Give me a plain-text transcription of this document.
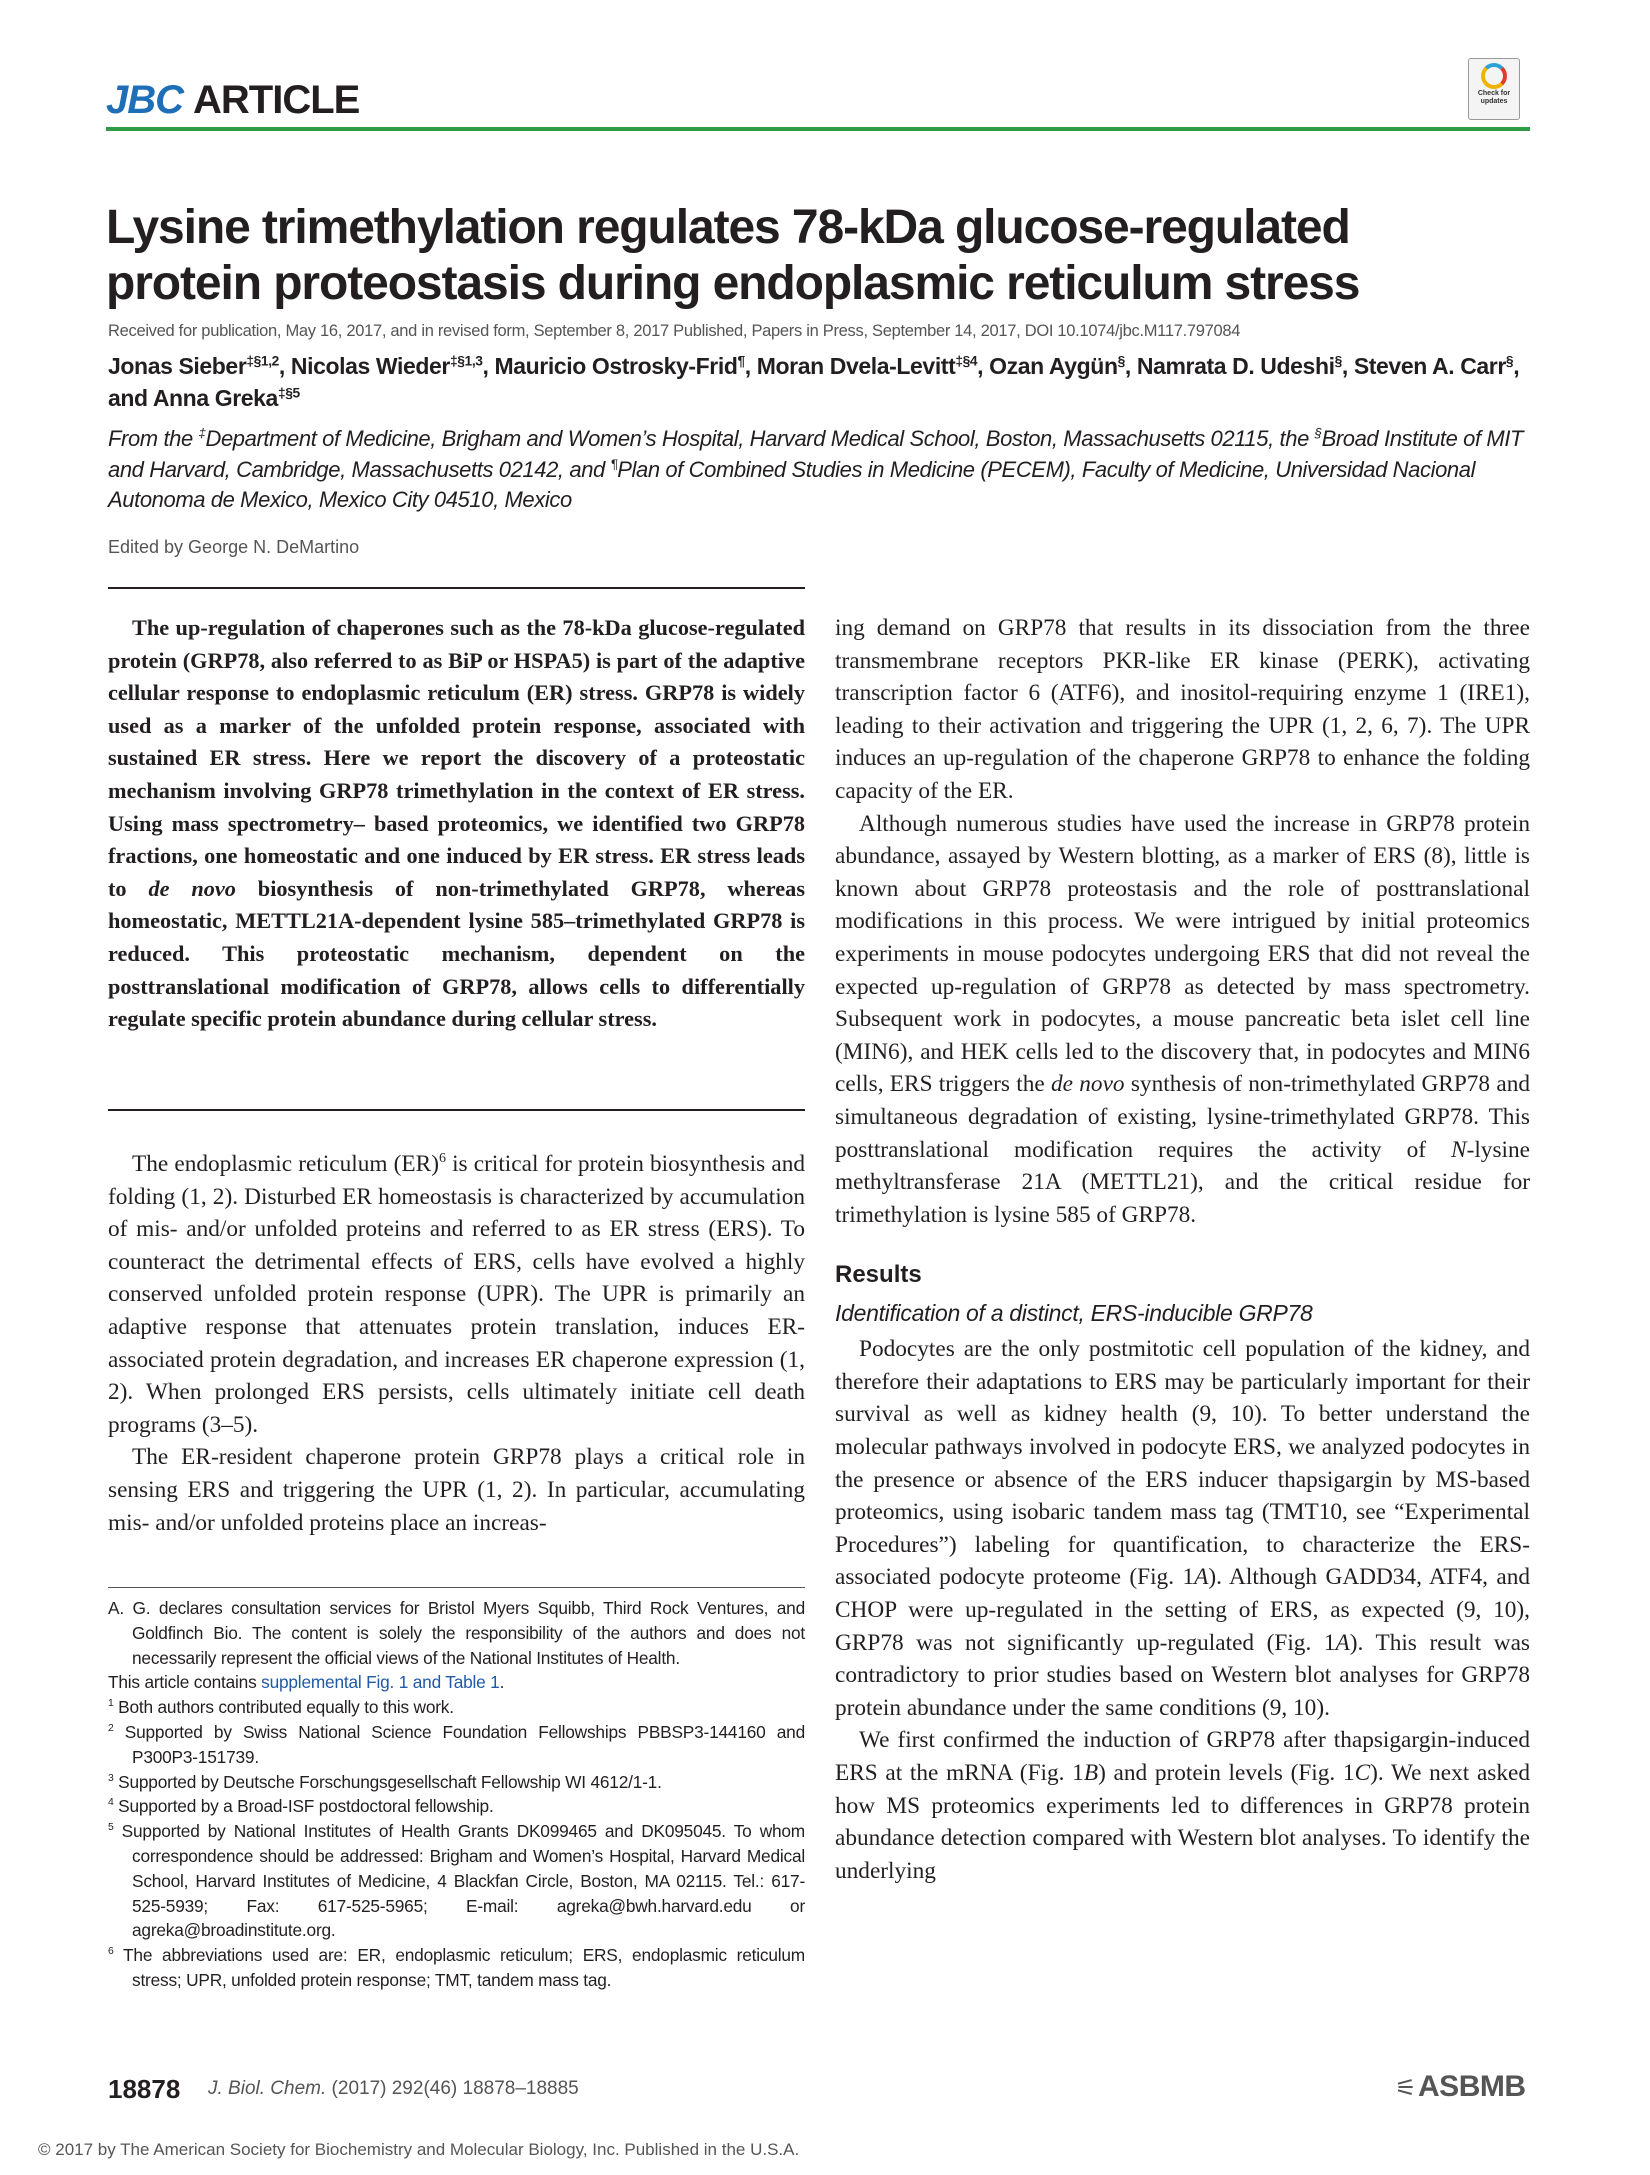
JBC ARTICLE	Check for updates
Lysine trimethylation regulates 78-kDa glucose-regulated
protein proteostasis during endoplasmic reticulum stress
Received for publication, May 16, 2017, and in revised form, September 8, 2017 Published, Papers in Press, September 14, 2017, DOI 10.1074/jbc.M117.797084
Jonas Sieber$^{\ddagger\S 1,2}$, Nicolas Wieder$^{\ddagger\S 1,3}$, Mauricio Ostrosky-Frid¶, Moran Dvela-Levitt$^{\ddagger\S 4}$, Ozan Aygün§, Namrata D. Udeshi§, Steven A. Carr§, and Anna Greka$^{\ddagger\S 5}$
From the ‡Department of Medicine, Brigham and Women’s Hospital, Harvard Medical School, Boston, Massachusetts 02115, the §Broad Institute of MIT and Harvard, Cambridge, Massachusetts 02142, and ¶Plan of Combined Studies in Medicine (PECEM), Faculty of Medicine, Universidad Nacional Autonoma de Mexico, Mexico City 04510, Mexico
Edited by George N. DeMartino

The up-regulation of chaperones such as the 78-kDa glucose-regulated protein (GRP78, also referred to as BiP or HSPA5) is part of the adaptive cellular response to endoplasmic reticulum (ER) stress. GRP78 is widely used as a marker of the unfolded protein response, associated with sustained ER stress. Here we report the discovery of a proteostatic mechanism involving GRP78 trimethylation in the context of ER stress. Using mass spectrometry– based proteomics, we identified two GRP78 fractions, one homeostatic and one induced by ER stress. ER stress leads to de novo biosynthesis of non-trimethylated GRP78, whereas homeostatic, METTL21A-dependent lysine 585–trimethylated GRP78 is reduced. This proteostatic mechanism, dependent on the posttranslational modification of GRP78, allows cells to differentially regulate specific protein abundance during cellular stress.

The endoplasmic reticulum (ER)$^6$ is critical for protein biosynthesis and folding (1, 2). Disturbed ER homeostasis is characterized by accumulation of mis- and/or unfolded proteins and referred to as ER stress (ERS). To counteract the detrimental effects of ERS, cells have evolved a highly conserved unfolded protein response (UPR). The UPR is primarily an adaptive response that attenuates protein translation, induces ER-associated protein degradation, and increases ER chaperone expression (1, 2). When prolonged ERS persists, cells ultimately initiate cell death programs (3–5).

The ER-resident chaperone protein GRP78 plays a critical role in sensing ERS and triggering the UPR (1, 2). In particular, accumulating mis- and/or unfolded proteins place an increas-

ing demand on GRP78 that results in its dissociation from the three transmembrane receptors PKR-like ER kinase (PERK), activating transcription factor 6 (ATF6), and inositol-requiring enzyme 1 (IRE1), leading to their activation and triggering the UPR (1, 2, 6, 7). The UPR induces an up-regulation of the chaperone GRP78 to enhance the folding capacity of the ER.

Although numerous studies have used the increase in GRP78 protein abundance, assayed by Western blotting, as a marker of ERS (8), little is known about GRP78 proteostasis and the role of posttranslational modifications in this process. We were intrigued by initial proteomics experiments in mouse podocytes undergoing ERS that did not reveal the expected up-regulation of GRP78 as detected by mass spectrometry. Subsequent work in podocytes, a mouse pancreatic beta islet cell line (MIN6), and HEK cells led to the discovery that, in podocytes and MIN6 cells, ERS triggers the de novo synthesis of non-trimethylated GRP78 and simultaneous degradation of existing, lysine-trimethylated GRP78. This posttranslational modification requires the activity of N-lysine methyltransferase 21A (METTL21), and the critical residue for trimethylation is lysine 585 of GRP78.

Results
Identification of a distinct, ERS-inducible GRP78

Podocytes are the only postmitotic cell population of the kidney, and therefore their adaptations to ERS may be particularly important for their survival as well as kidney health (9, 10). To better understand the molecular pathways involved in podocyte ERS, we analyzed podocytes in the presence or absence of the ERS inducer thapsigargin by MS-based proteomics, using isobaric tandem mass tag (TMT10, see “Experimental Procedures”) labeling for quantification, to characterize the ERS-associated podocyte proteome (Fig. 1A). Although GADD34, ATF4, and CHOP were up-regulated in the setting of ERS, as expected (9, 10), GRP78 was not significantly up-regulated (Fig. 1A). This result was contradictory to prior studies based on Western blot analyses for GRP78 protein abundance under the same conditions (9, 10).

We first confirmed the induction of GRP78 after thapsigargin-induced ERS at the mRNA (Fig. 1B) and protein levels (Fig. 1C). We next asked how MS proteomics experiments led to differences in GRP78 protein abundance detection compared with Western blot analyses. To identify the underlying

A. G. declares consultation services for Bristol Myers Squibb, Third Rock Ventures, and Goldfinch Bio. The content is solely the responsibility of the authors and does not necessarily represent the official views of the National Institutes of Health.

This article contains supplemental Fig. 1 and Table 1.

$^1$ Both authors contributed equally to this work.

$^2$ Supported by Swiss National Science Foundation Fellowships PBBSP3-144160 and P300P3-151739.

$^3$ Supported by Deutsche Forschungsgesellschaft Fellowship WI 4612/1-1.

$^4$ Supported by a Broad-ISF postdoctoral fellowship.

$^5$ Supported by National Institutes of Health Grants DK099465 and DK095045. To whom correspondence should be addressed: Brigham and Women’s Hospital, Harvard Medical School, Harvard Institutes of Medicine, 4 Blackfan Circle, Boston, MA 02115. Tel.: 617-525-5939; Fax: 617-525-5965; E-mail: agreka@bwh.harvard.edu or agreka@broadinstitute.org.

$^6$ The abbreviations used are: ER, endoplasmic reticulum; ERS, endoplasmic reticulum stress; UPR, unfolded protein response; TMT, tandem mass tag.

18878 J. Biol. Chem. (2017) 292(46) 18878–18885	⚟ASBMB
© 2017 by The American Society for Biochemistry and Molecular Biology, Inc. Published in the U.S.A.
